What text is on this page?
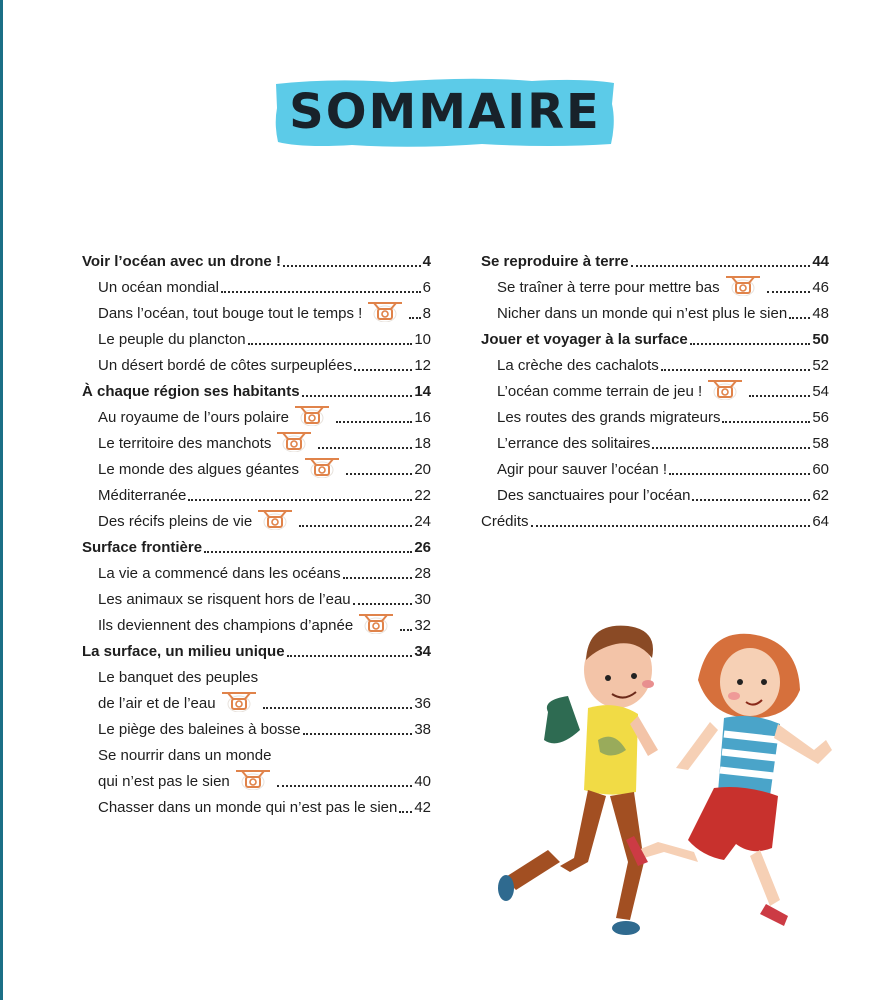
SOMMAIRE
Voir l’océan avec un drone !	4
Un océan mondial	6
Dans l’océan, tout bouge tout le temps !	8
Le peuple du plancton	10
Un désert bordé de côtes surpeuplées	12
À chaque région ses habitants	14
Au royaume de l’ours polaire	16
Le territoire des manchots	18
Le monde des algues géantes	20
Méditerranée	22
Des récifs pleins de vie	24
Surface frontière	26
La vie a commencé dans les océans	28
Les animaux se risquent hors de l’eau	30
Ils deviennent des champions d’apnée	32
La surface, un milieu unique	34
Le banquet des peuples
de l’air et de l’eau	36
Le piège des baleines à bosse	38
Se nourrir dans un monde
qui n’est pas le sien	40
Chasser dans un monde qui n’est pas le sien 42
Se reproduire à terre	44
Se traîner à terre pour mettre bas	46
Nicher dans un monde qui n’est plus le sien 48
Jouer et voyager à la surface	50
La crèche des cachalots	52
L’océan comme terrain de jeu !	54
Les routes des grands migrateurs	56
L’errance des solitaires	58
Agir pour sauver l’océan !	60
Des sanctuaires pour l’océan	62
Crédits	64
